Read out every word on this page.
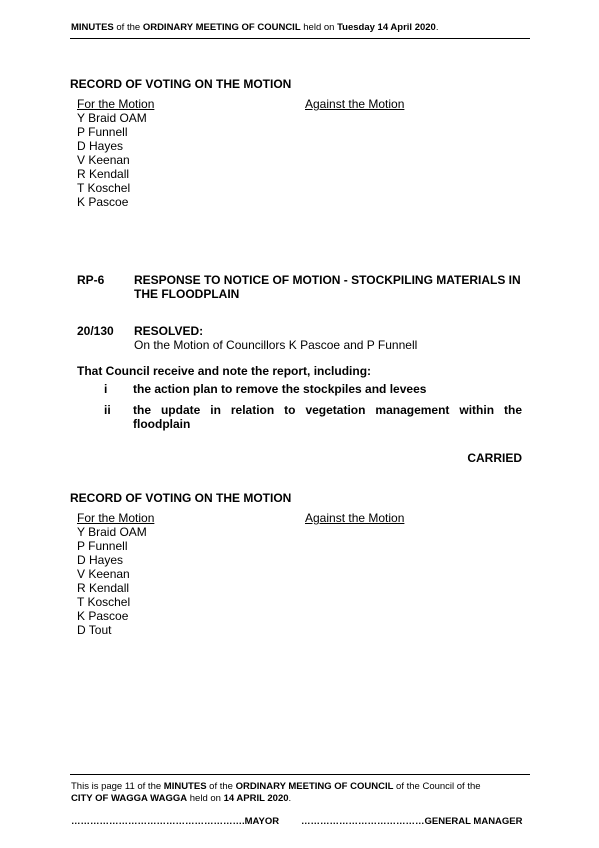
MINUTES of the ORDINARY MEETING OF COUNCIL held on Tuesday 14 April 2020.
RECORD OF VOTING ON THE MOTION
For the Motion	Against the Motion
Y Braid OAM
P Funnell
D Hayes
V Keenan
R Kendall
T Koschel
K Pascoe
RP-6 RESPONSE TO NOTICE OF MOTION - STOCKPILING MATERIALS IN
THE FLOODPLAIN
20/130 RESOLVED:
On the Motion of Councillors K Pascoe and P Funnell
That Council receive and note the report, including:
i the action plan to remove the stockpiles and levees
ii the update in relation to vegetation management within the
floodplain
CARRIED
RECORD OF VOTING ON THE MOTION
For the Motion	Against the Motion
Y Braid OAM
P Funnell
D Hayes
V Keenan
R Kendall
T Koschel
K Pascoe
D Tout
This is page 11 of the MINUTES of the ORDINARY MEETING OF COUNCIL of the Council of the
CITY OF WAGGA WAGGA held on 14 APRIL 2020.
……………………………………………….MAYOR …………………………………GENERAL MANAGER
